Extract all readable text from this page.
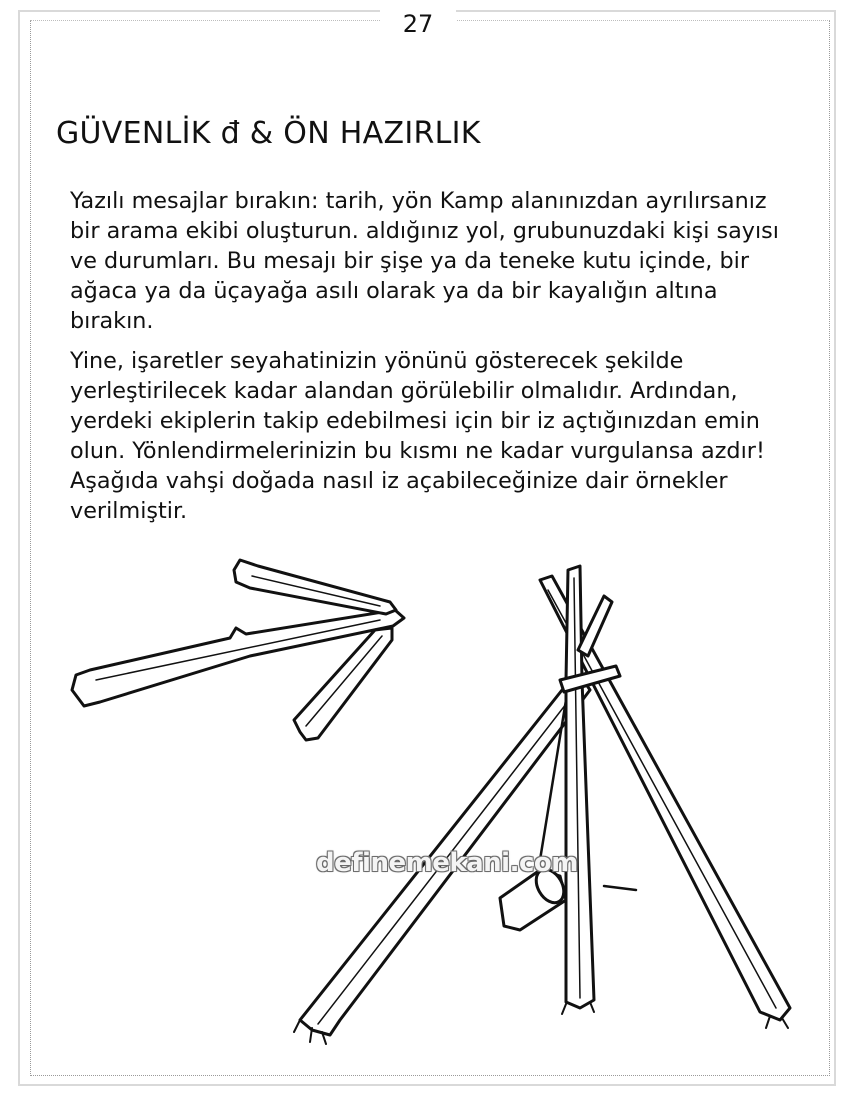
27
GÜVENLİK đ & ÖN HAZIRLIK

Yazılı mesajlar bırakın: tarih, yön Kamp alanınızdan ayrılırsanız bir arama ekibi oluşturun. aldığınız yol, grubunuzdaki kişi sayısı ve durumları. Bu mesajı bir şişe ya da teneke kutu içinde, bir ağaca ya da üçayağa asılı olarak ya da bir kayalığın altına bırakın.

Yine, işaretler seyahatinizin yönünü gösterecek şekilde yerleştirilecek kadar alandan görülebilir olmalıdır. Ardından, yerdeki ekiplerin takip edebilmesi için bir iz açtığınızdan emin olun. Yönlendirmelerinizin bu kısmı ne kadar vurgulansa azdır! Aşağıda vahşi doğada nasıl iz açabileceğinize dair örnekler verilmiştir.

definemekani.com
